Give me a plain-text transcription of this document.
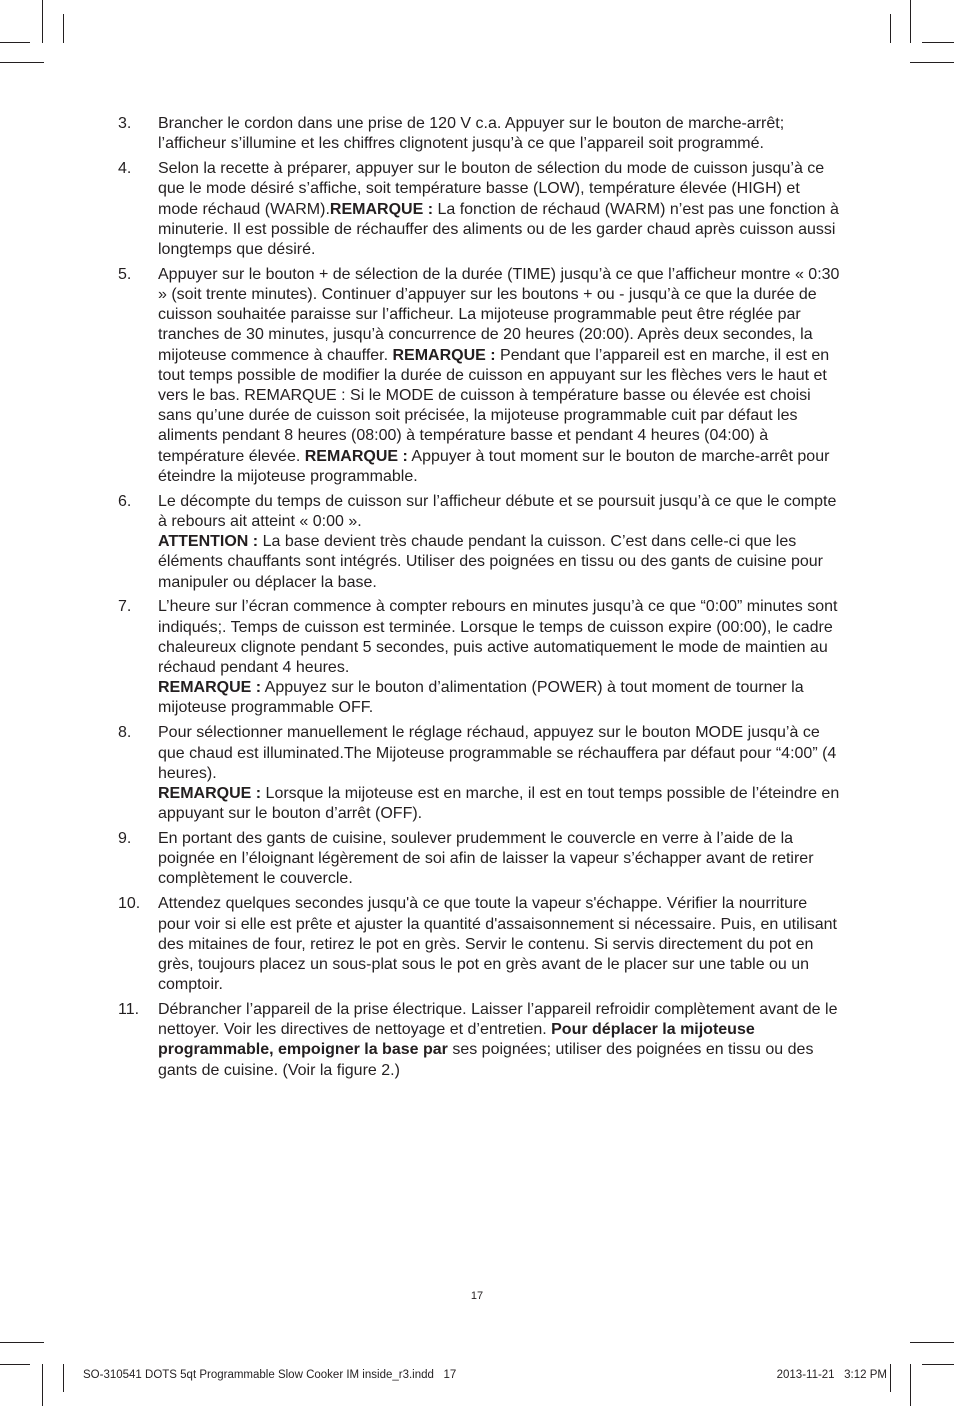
3.	Brancher le cordon dans une prise de 120 V c.a. Appuyer sur le bouton de marche-arrêt; l’afficheur s’illumine et les chiffres clignotent jusqu’à ce que l’appareil soit programmé.
4.	Selon la recette à préparer, appuyer sur le bouton de sélection du mode de cuisson jusqu’à ce que le mode désiré s’affiche, soit température basse (LOW), température élevée (HIGH) et mode réchaud (WARM).REMARQUE : La fonction de réchaud (WARM) n’est pas une fonction à minuterie. Il est possible de réchauffer des aliments ou de les garder chaud après cuisson aussi longtemps que désiré.
5.	Appuyer sur le bouton + de sélection de la durée (TIME) jusqu’à ce que l’afficheur montre « 0:30 » (soit trente minutes). Continuer d’appuyer sur les boutons + ou - jusqu’à ce que la durée de cuisson souhaitée paraisse sur l’afficheur. La mijoteuse programmable peut être réglée par tranches de 30 minutes, jusqu’à concurrence de 20 heures (20:00). Après deux secondes, la mijoteuse commence à chauffer. REMARQUE : Pendant que l’appareil est en marche, il est en tout temps possible de modifier la durée de cuisson en appuyant sur les flèches vers le haut et vers le bas. REMARQUE : Si le MODE de cuisson à température basse ou élevée est choisi sans qu’une durée de cuisson soit précisée, la mijoteuse programmable cuit par défaut les aliments pendant 8 heures (08:00) à température basse et pendant 4 heures (04:00) à température élevée. REMARQUE : Appuyer à tout moment sur le bouton de marche-arrêt pour éteindre la mijoteuse programmable.
6.	Le décompte du temps de cuisson sur l’afficheur débute et se poursuit jusqu’à ce que le compte à rebours ait atteint « 0:00 ».
ATTENTION : La base devient très chaude pendant la cuisson. C’est dans celle-ci que les éléments chauffants sont intégrés. Utiliser des poignées en tissu ou des gants de cuisine pour manipuler ou déplacer la base.
7.	L’heure sur l’écran commence à compter rebours en minutes jusqu’à ce que “0:00” minutes sont indiqués;. Temps de cuisson est terminée. Lorsque le temps de cuisson expire (00:00), le cadre chaleureux clignote pendant 5 secondes, puis active automatiquement le mode de maintien au réchaud pendant 4 heures.
REMARQUE : Appuyez sur le bouton d’alimentation (POWER) à tout moment de tourner la mijoteuse programmable OFF.
8.	Pour sélectionner manuellement le réglage réchaud, appuyez sur le bouton MODE jusqu’à ce que chaud est illuminated.The Mijoteuse programmable se réchauffera par défaut pour “4:00” (4 heures).
REMARQUE : Lorsque la mijoteuse est en marche, il est en tout temps possible de l’éteindre en appuyant sur le bouton d’arrêt (OFF).
9.	En portant des gants de cuisine, soulever prudemment le couvercle en verre à l’aide de la poignée en l’éloignant légèrement de soi afin de laisser la vapeur s’échapper avant de retirer complètement le couvercle.
10.	Attendez quelques secondes jusqu'à ce que toute la vapeur s'échappe. Vérifier la nourriture pour voir si elle est prête et ajuster la quantité d'assaisonnement si nécessaire. Puis, en utilisant des mitaines de four, retirez le pot en grès. Servir le contenu. Si servis directement du pot en grès, toujours placez un sous-plat sous le pot en grès avant de le placer sur une table ou un comptoir.
11.	Débrancher l’appareil de la prise électrique. Laisser l’appareil refroidir complètement avant de le nettoyer. Voir les directives de nettoyage et d’entretien. Pour déplacer la mijoteuse programmable, empoigner la base par ses poignées; utiliser des poignées en tissu ou des gants de cuisine. (Voir la figure 2.)
17
SO-310541 DOTS 5qt Programmable Slow Cooker IM inside_r3.indd   17	2013-11-21   3:12 PM
